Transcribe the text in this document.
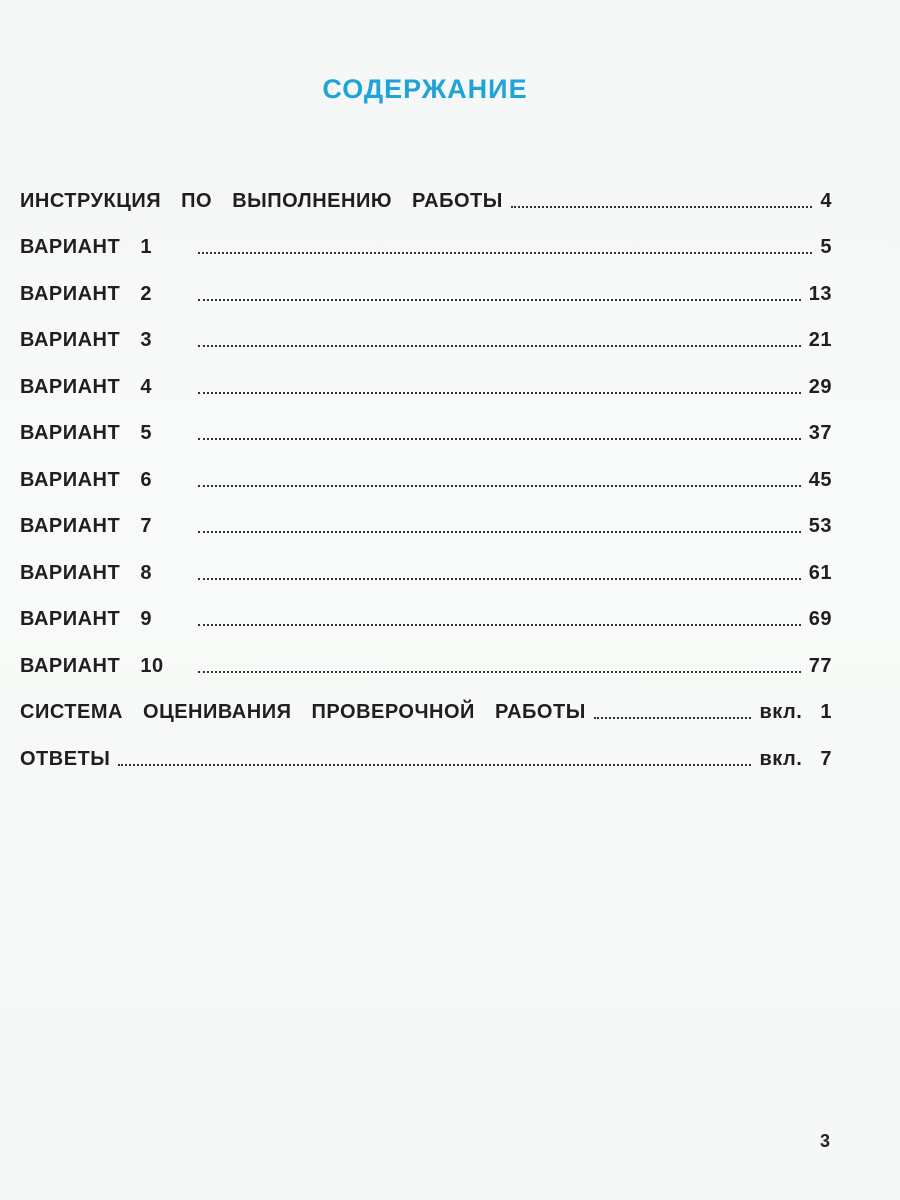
СОДЕРЖАНИЕ
ИНСТРУКЦИЯ  ПО  ВЫПОЛНЕНИЮ  РАБОТЫ	4
ВАРИАНТ  1	5
ВАРИАНТ  2	13
ВАРИАНТ  3	21
ВАРИАНТ  4	29
ВАРИАНТ  5	37
ВАРИАНТ  6	45
ВАРИАНТ  7	53
ВАРИАНТ  8	61
ВАРИАНТ  9	69
ВАРИАНТ  10	77
СИСТЕМА  ОЦЕНИВАНИЯ  ПРОВЕРОЧНОЙ  РАБОТЫ	вкл.  1
ОТВЕТЫ	вкл.  7
3
